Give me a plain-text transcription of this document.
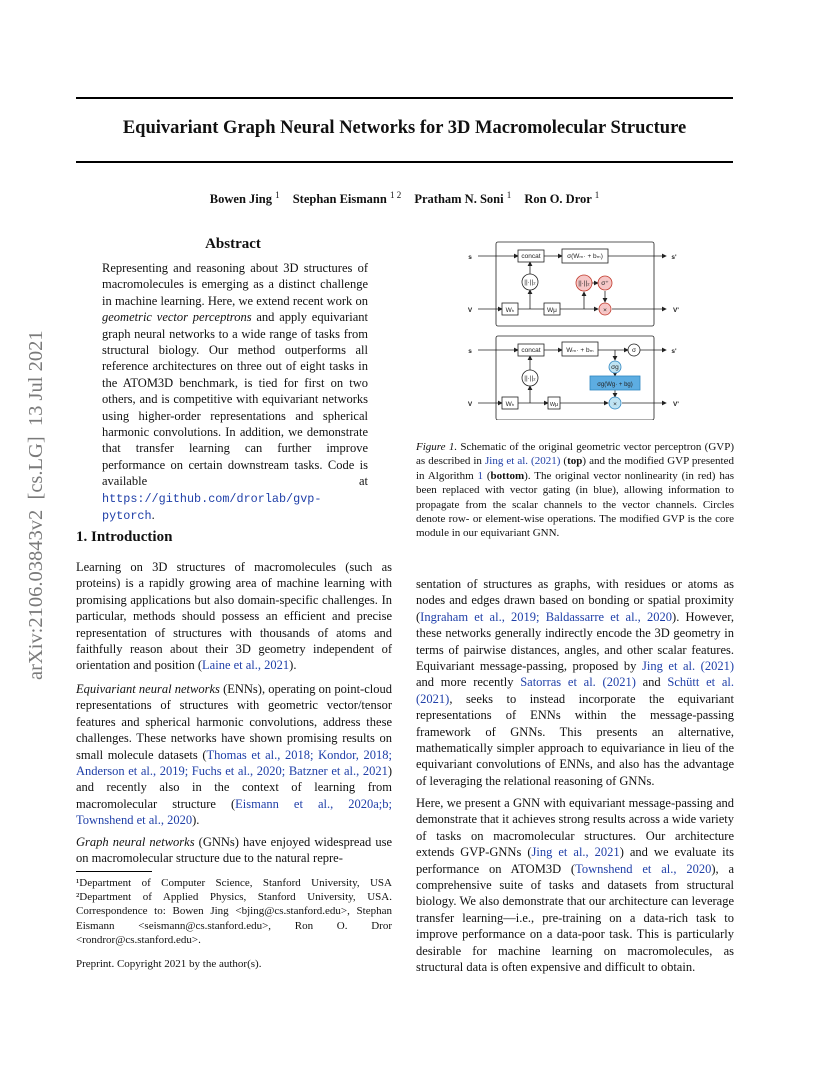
Equivariant Graph Neural Networks for 3D Macromolecular Structure
Bowen Jing $^1$ Stephan Eismann $^{1 2}$ Pratham N. Soni $^1$ Ron O. Dror $^1$
arXiv:2106.03843v2  [cs.LG]  13 Jul 2021
Abstract
Representing and reasoning about 3D structures of macromolecules is emerging as a distinct challenge in machine learning. Here, we extend recent work on geometric vector perceptrons and apply equivariant graph neural networks to a wide range of tasks from structural biology. Our method outperforms all reference architectures on three out of eight tasks in the ATOM3D benchmark, is tied for first on two others, and is competitive with equivariant networks using higher-order representations and spherical harmonic convolutions. In addition, we demonstrate that transfer learning can further improve performance on certain downstream tasks. Code is available at https://github.com/drorlab/gvp-pytorch.
1. Introduction
Learning on 3D structures of macromolecules (such as proteins) is a rapidly growing area of machine learning with promising applications but also domain-specific challenges. In particular, methods should possess an efficient and precise representation of structures with thousands of atoms and faithfully reason about their 3D geometry independent of orientation and position (Laine et al., 2021).
Equivariant neural networks (ENNs), operating on point-cloud representations of structures with geometric vector/tensor features and spherical harmonic convolutions, address these challenges. These networks have shown promising results on small molecule datasets (Thomas et al., 2018; Kondor, 2018; Anderson et al., 2019; Fuchs et al., 2020; Batzner et al., 2021) and recently also in the context of learning from macromolecular structure (Eismann et al., 2020a;b; Townshend et al., 2020).
Graph neural networks (GNNs) have enjoyed widespread use on macromolecular structure due to the natural repre-
¹Department of Computer Science, Stanford University, USA ²Department of Applied Physics, Stanford University, USA. Correspondence to: Bowen Jing <bjing@cs.stanford.edu>, Stephan Eismann <seismann@cs.stanford.edu>, Ron O. Dror <rondror@cs.stanford.edu>.
Preprint. Copyright 2021 by the author(s).
s
V
s'
V'
concat	σ(Wₘ· + bₘ)
||·||₂	||·||₂ σ⁺
×
Wₕ	Wμ
s
V
s'
V'
concat	Wₘ· + bₘ	σ
||·||₂
σg
σg(Wg· + bg)
×
Wₕ	Wμ
Figure 1. Schematic of the original geometric vector perceptron (GVP) as described in Jing et al. (2021) (top) and the modified GVP presented in Algorithm 1 (bottom). The original vector nonlinearity (in red) has been replaced with vector gating (in blue), allowing information to propagate from the scalar channels to the vector channels. Circles denote row- or element-wise operations. The modified GVP is the core module in our equivariant GNN.
sentation of structures as graphs, with residues or atoms as nodes and edges drawn based on bonding or spatial proximity (Ingraham et al., 2019; Baldassarre et al., 2020). However, these networks generally indirectly encode the 3D geometry in terms of pairwise distances, angles, and other scalar features. Equivariant message-passing, proposed by Jing et al. (2021) and more recently Satorras et al. (2021) and Schütt et al. (2021), seeks to instead incorporate the equivariant representations of ENNs within the message-passing framework of GNNs. This presents an alternative, mathematically simpler approach to equivariance in lieu of the equivariant convolutions of ENNs, and also has the advantage of leveraging the relational reasoning of GNNs.
Here, we present a GNN with equivariant message-passing and demonstrate that it achieves strong results across a wide variety of tasks on macromolecular structures. Our architecture extends GVP-GNNs (Jing et al., 2021) and we evaluate its performance on ATOM3D (Townshend et al., 2020), a comprehensive suite of tasks and datasets from structural biology. We also demonstrate that our architecture can leverage transfer learning—i.e., pre-training on a data-rich task to improve performance on a data-poor task. This is particularly desirable for machine learning on macromolecules, as structural data is often expensive and difficult to obtain.
